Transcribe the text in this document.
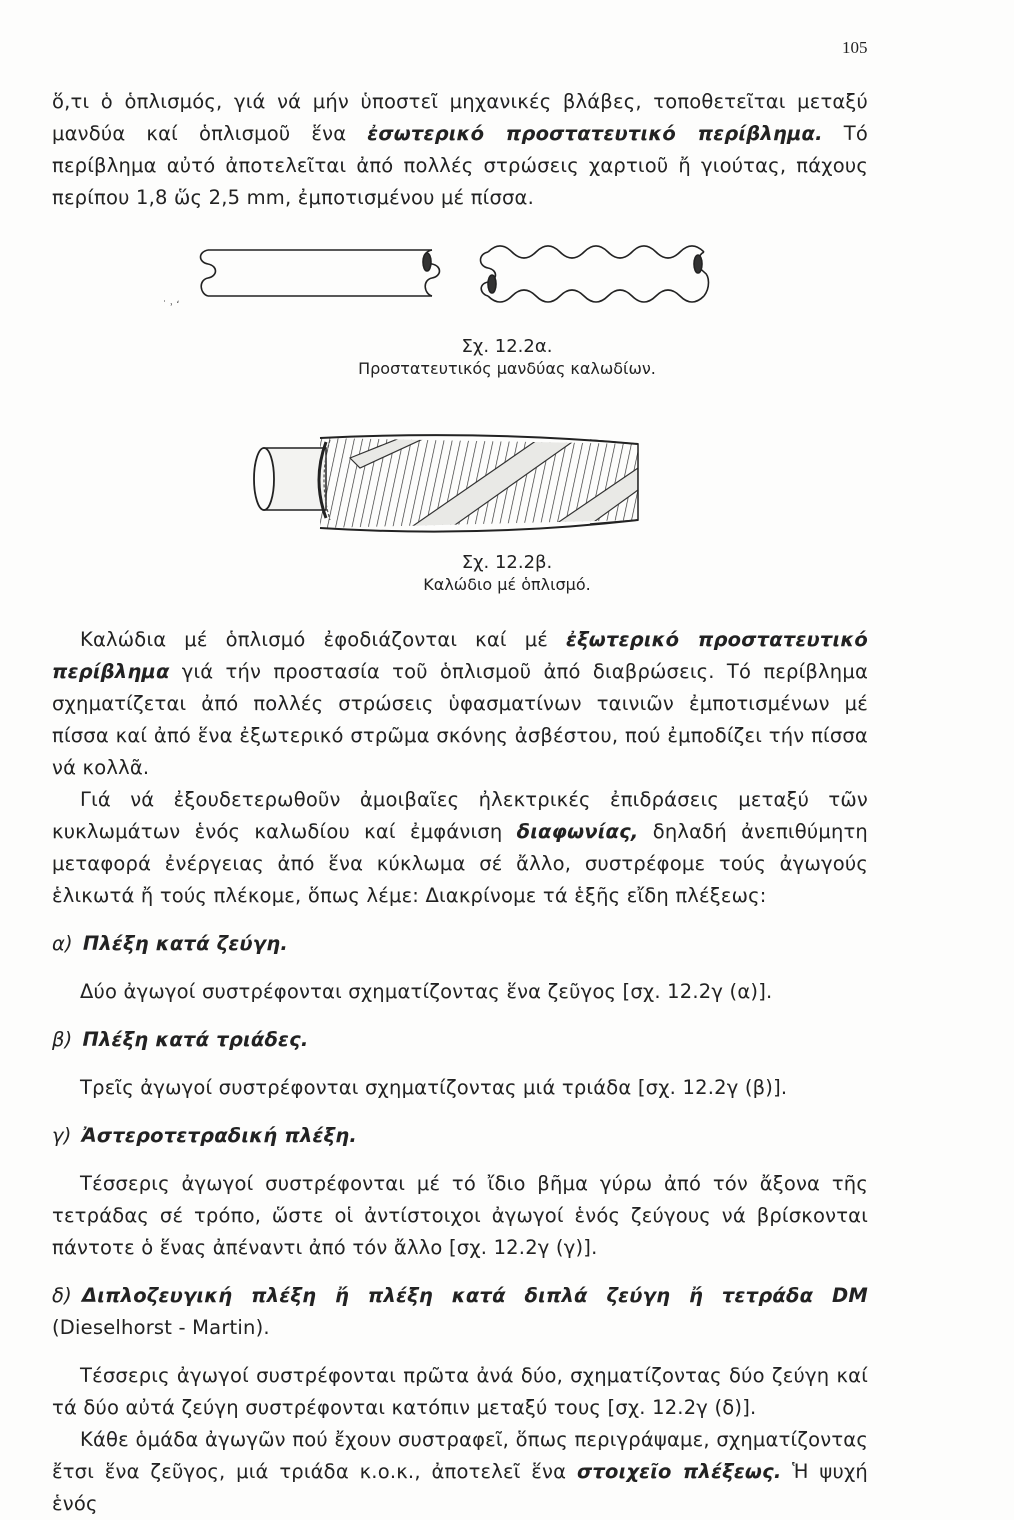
105

ὅ,τι ὁ ὁπλισμός, γιά νά μήν ὑποστεῖ μηχανικές βλάβες, τοποθετεῖται μεταξύ μανδύα καί ὁπλισμοῦ ἕνα ἐσωτερικό προστατευτικό περίβλημα. Τό περίβλημα αὐτό ἀποτελεῖται ἀπό πολλές στρώσεις χαρτιοῦ ἤ γιούτας, πάχους περίπου 1,8 ὥς 2,5 mm, ἐμποτισμένου μέ πίσσα.

˙ ˒ ʻ
Σχ. 12.2α.
Προστατευτικός μανδύας καλωδίων.
Σχ. 12.2β.
Καλώδιο μέ ὁπλισμό.

Καλώδια μέ ὁπλισμό ἐφοδιάζονται καί μέ ἐξωτερικό προστατευτικό περίβλημα γιά τήν προστασία τοῦ ὁπλισμοῦ ἀπό διαβρώσεις. Τό περίβλημα σχηματίζεται ἀπό πολλές στρώσεις ὑφασματίνων ταινιῶν ἐμποτισμένων μέ πίσσα καί ἀπό ἕνα ἐξωτερικό στρῶμα σκόνης ἀσβέστου, πού ἐμποδίζει τήν πίσσα νά κολλᾶ.

Γιά νά ἐξουδετερωθοῦν ἀμοιβαῖες ἠλεκτρικές ἐπιδράσεις μεταξύ τῶν κυκλωμάτων ἑνός καλωδίου καί ἐμφάνιση διαφωνίας, δηλαδή ἀνεπιθύμητη μεταφορά ἐνέργειας ἀπό ἕνα κύκλωμα σέ ἄλλο, συστρέφομε τούς ἀγωγούς ἑλικωτά ἤ τούς πλέκομε, ὅπως λέμε: Διακρίνομε τά ἑξῆς εἴδη πλέξεως:

α) Πλέξη κατά ζεύγη.

Δύο ἀγωγοί συστρέφονται σχηματίζοντας ἕνα ζεῦγος [σχ. 12.2γ (α)].

β) Πλέξη κατά τριάδες.

Τρεῖς ἀγωγοί συστρέφονται σχηματίζοντας μιά τριάδα [σχ. 12.2γ (β)].

γ) Ἀστεροτετραδική πλέξη.

Τέσσερις ἀγωγοί συστρέφονται μέ τό ἴδιο βῆμα γύρω ἀπό τόν ἄξονα τῆς τετράδας σέ τρόπο, ὥστε οἱ ἀντίστοιχοι ἀγωγοί ἑνός ζεύγους νά βρίσκονται πάντοτε ὁ ἕνας ἀπέναντι ἀπό τόν ἄλλο [σχ. 12.2γ (γ)].

δ) Διπλοζευγική πλέξη ἤ πλέξη κατά διπλά ζεύγη ἤ τετράδα DM (Dieselhorst - Martin).

Τέσσερις ἀγωγοί συστρέφονται πρῶτα ἀνά δύο, σχηματίζοντας δύο ζεύγη καί τά δύο αὐτά ζεύγη συστρέφονται κατόπιν μεταξύ τους [σχ. 12.2γ (δ)].

Κάθε ὁμάδα ἀγωγῶν πού ἔχουν συστραφεῖ, ὅπως περιγράψαμε, σχηματίζοντας ἔτσι ἕνα ζεῦγος, μιά τριάδα κ.ο.κ., ἀποτελεῖ ἕνα στοιχεῖο πλέξεως. Ἡ ψυχή ἑνός
